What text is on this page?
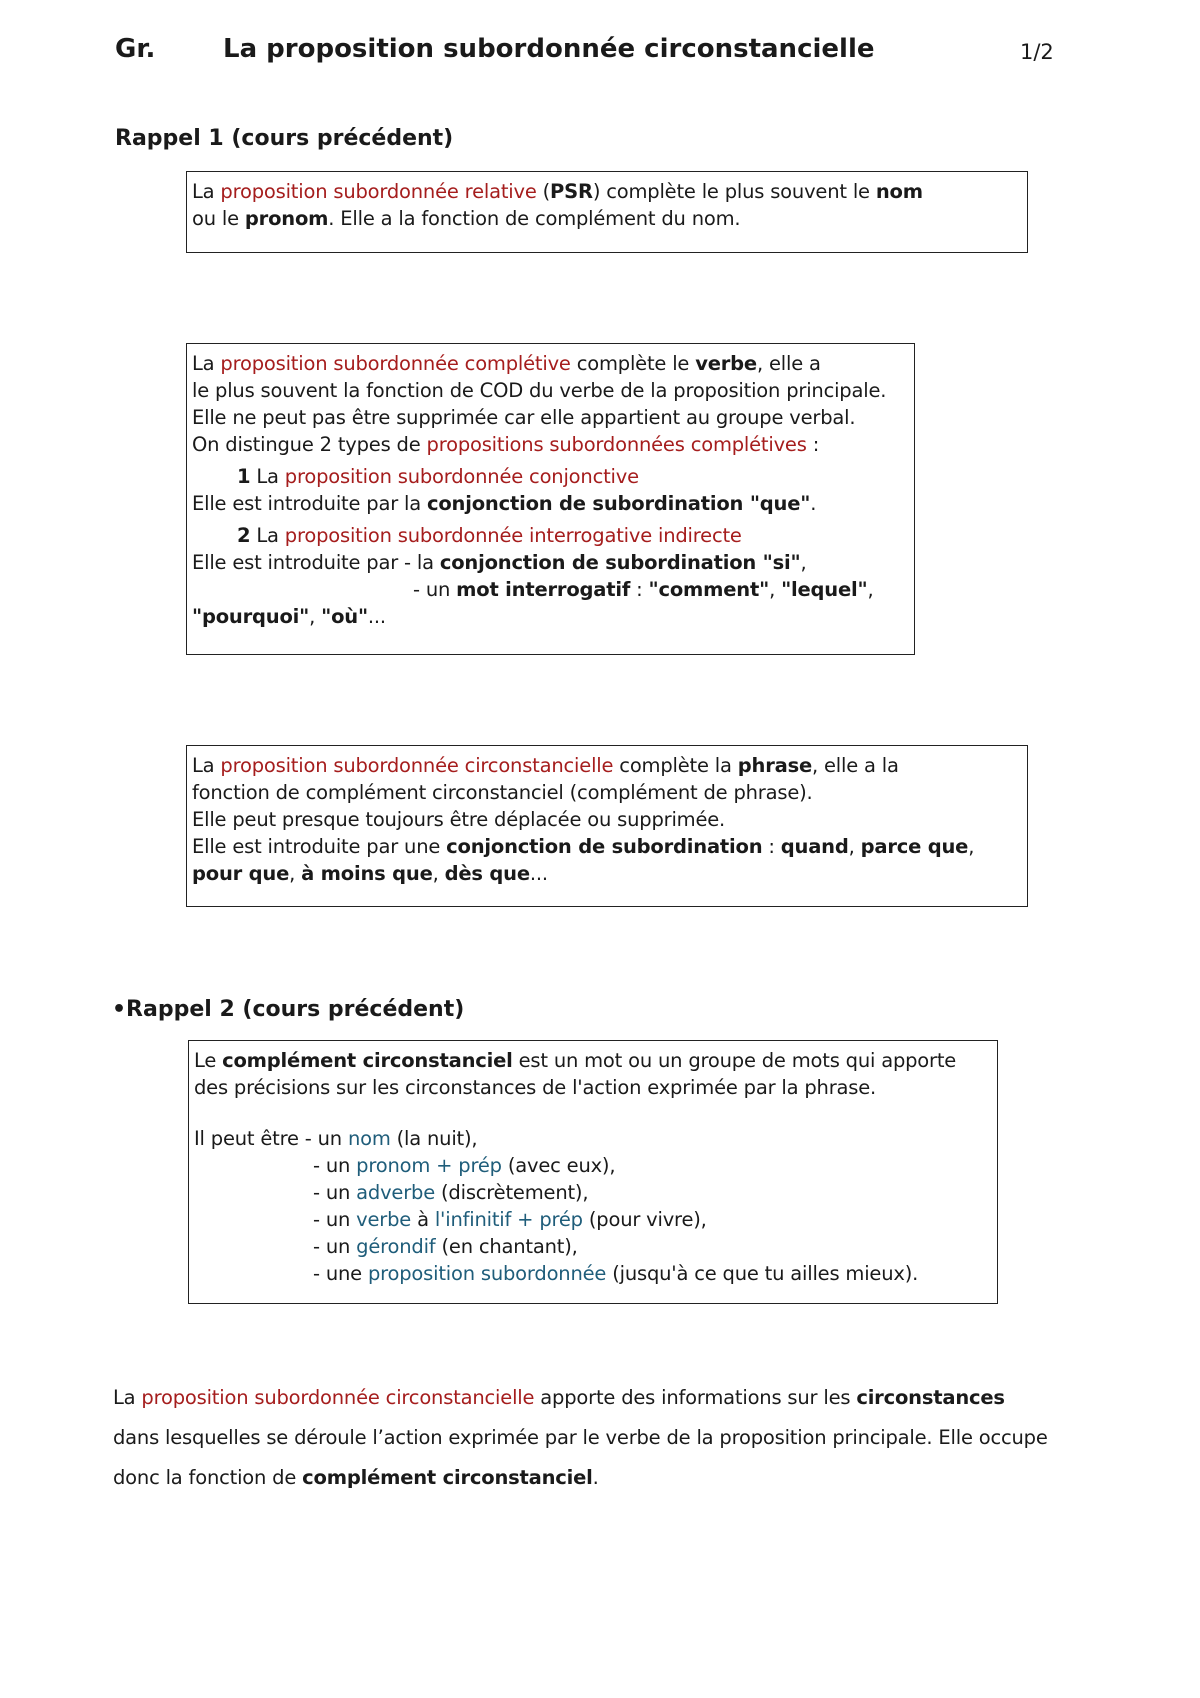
Gr.	La proposition subordonnée circonstancielle	1/2
Rappel 1 (cours précédent)
La proposition subordonnée relative (PSR) complète le plus souvent le nom
ou le pronom. Elle a la fonction de complément du nom.
La proposition subordonnée complétive complète le verbe, elle a
le plus souvent la fonction de COD du verbe de la proposition principale.
Elle ne peut pas être supprimée car elle appartient au groupe verbal.
On distingue 2 types de propositions subordonnées complétives :
1 La proposition subordonnée conjonctive
Elle est introduite par la conjonction de subordination "que".
2 La proposition subordonnée interrogative indirecte
Elle est introduite par - la conjonction de subordination "si",
- un mot interrogatif : "comment", "lequel",
"pourquoi", "où"...
La proposition subordonnée circonstancielle complète la phrase, elle a la
fonction de complément circonstanciel (complément de phrase).
Elle peut presque toujours être déplacée ou supprimée.
Elle est introduite par une conjonction de subordination : quand, parce que,
pour que, à moins que, dès que...
•Rappel 2 (cours précédent)
Le complément circonstanciel est un mot ou un groupe de mots qui apporte
des précisions sur les circonstances de l'action exprimée par la phrase.
Il peut être - un nom (la nuit),
- un pronom + prép (avec eux),
- un adverbe (discrètement),
- un verbe à l'infinitif + prép (pour vivre),
- un gérondif (en chantant),
- une proposition subordonnée (jusqu'à ce que tu ailles mieux).
La proposition subordonnée circonstancielle apporte des informations sur les circonstances
dans lesquelles se déroule l’action exprimée par le verbe de la proposition principale. Elle occupe
donc la fonction de complément circonstanciel.
